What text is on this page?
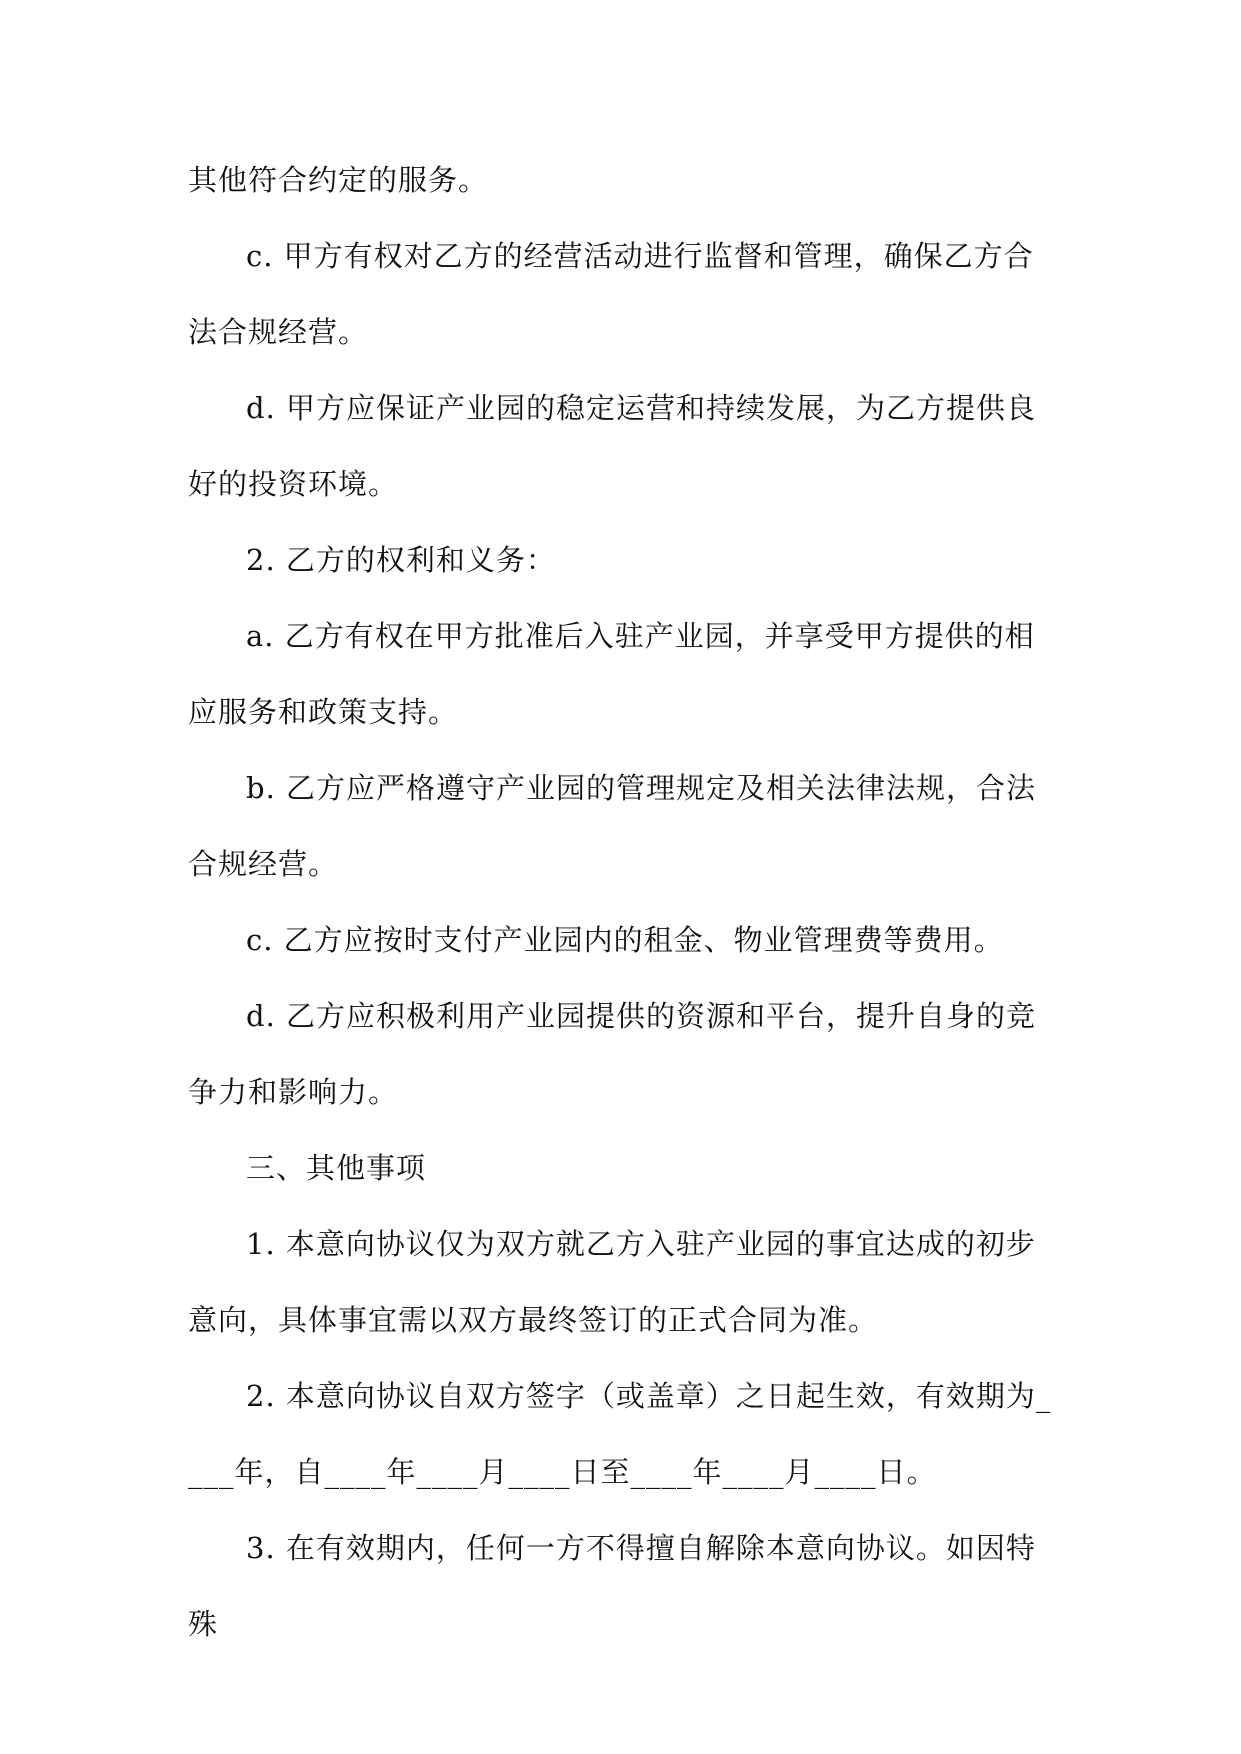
其他符合约定的服务。

c. 甲方有权对乙方的经营活动进行监督和管理，确保乙方合法合规经营。

d. 甲方应保证产业园的稳定运营和持续发展，为乙方提供良好的投资环境。

2. 乙方的权利和义务：

a. 乙方有权在甲方批准后入驻产业园，并享受甲方提供的相应服务和政策支持。

b. 乙方应严格遵守产业园的管理规定及相关法律法规，合法合规经营。

c. 乙方应按时支付产业园内的租金、物业管理费等费用。

d. 乙方应积极利用产业园提供的资源和平台，提升自身的竞争力和影响力。

三、其他事项

1. 本意向协议仅为双方就乙方入驻产业园的事宜达成的初步意向，具体事宜需以双方最终签订的正式合同为准。

2. 本意向协议自双方签字（或盖章）之日起生效，有效期为____年，自____年____月____日至____年____月____日。

3. 在有效期内，任何一方不得擅自解除本意向协议。如因特殊
